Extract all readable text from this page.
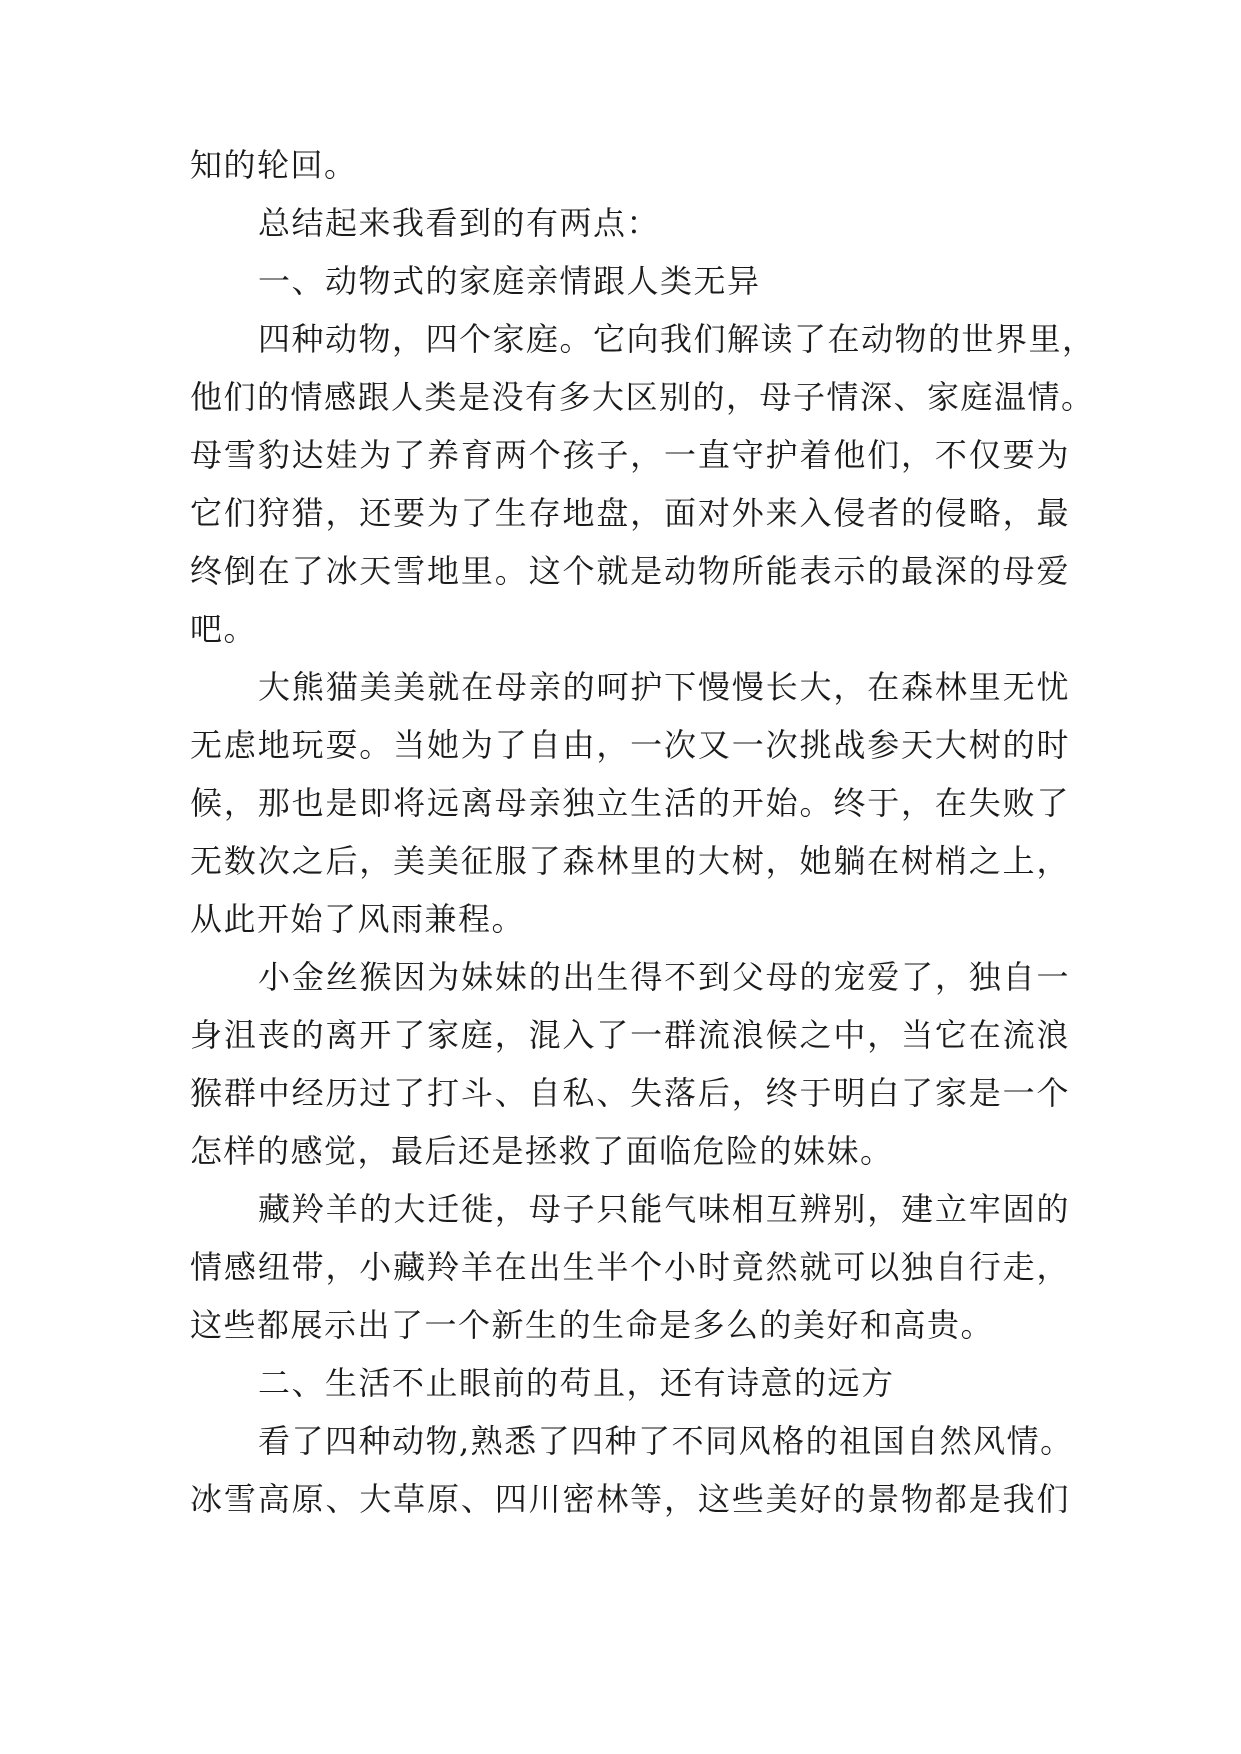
知的轮回。
总结起来我看到的有两点：
一、动物式的家庭亲情跟人类无异
四种动物，四个家庭。它向我们解读了在动物的世界里，
他们的情感跟人类是没有多大区别的，母子情深、家庭温情。
母雪豹达娃为了养育两个孩子，一直守护着他们，不仅要为
它们狩猎，还要为了生存地盘，面对外来入侵者的侵略，最
终倒在了冰天雪地里。这个就是动物所能表示的最深的母爱
吧。
大熊猫美美就在母亲的呵护下慢慢长大，在森林里无忧
无虑地玩耍。当她为了自由，一次又一次挑战参天大树的时
候，那也是即将远离母亲独立生活的开始。终于，在失败了
无数次之后，美美征服了森林里的大树，她躺在树梢之上，
从此开始了风雨兼程。
小金丝猴因为妹妹的出生得不到父母的宠爱了，独自一
身沮丧的离开了家庭，混入了一群流浪候之中，当它在流浪
猴群中经历过了打斗、自私、失落后，终于明白了家是一个
怎样的感觉，最后还是拯救了面临危险的妹妹。
藏羚羊的大迁徙，母子只能气味相互辨别，建立牢固的
情感纽带，小藏羚羊在出生半个小时竟然就可以独自行走，
这些都展示出了一个新生的生命是多么的美好和高贵。
二、生活不止眼前的苟且，还有诗意的远方
看了四种动物,熟悉了四种了不同风格的祖国自然风情。
冰雪高原、大草原、四川密林等，这些美好的景物都是我们
